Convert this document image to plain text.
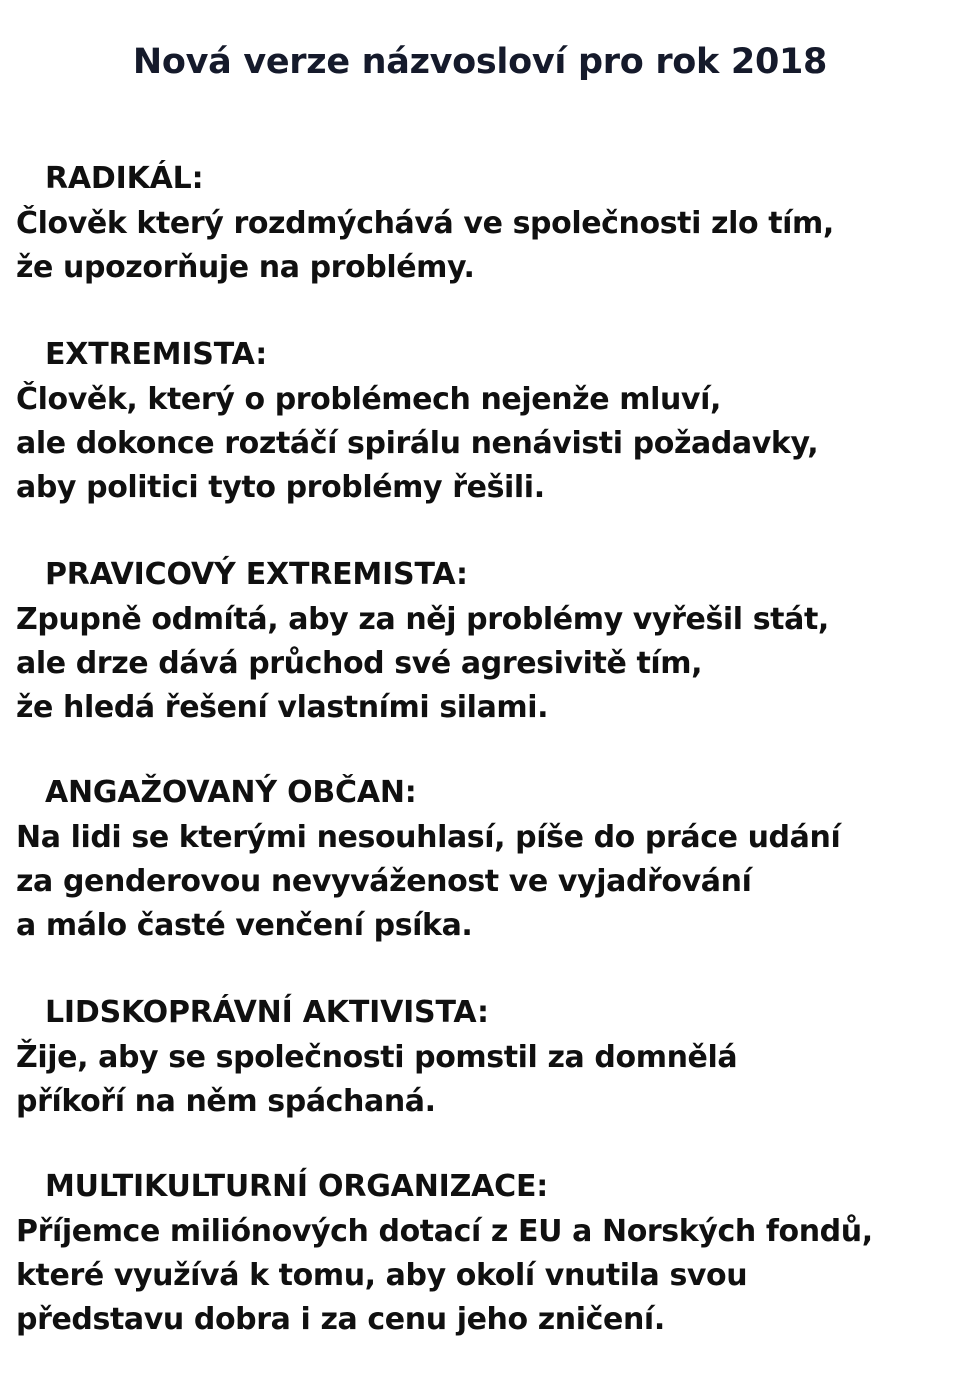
Nová verze názvosloví pro rok 2018

RADIKÁL:

Člověk který rozdmýchává ve společnosti zlo tím,
že upozorňuje na problémy.

EXTREMISTA:

Člověk, který o problémech nejenže mluví,
ale dokonce roztáčí spirálu nenávisti požadavky,
aby politici tyto problémy řešili.

PRAVICOVÝ EXTREMISTA:

Zpupně odmítá, aby za něj problémy vyřešil stát,
ale drze dává průchod své agresivitě tím,
že hledá řešení vlastními silami.

ANGAŽOVANÝ OBČAN:

Na lidi se kterými nesouhlasí, píše do práce udání
za genderovou nevyváženost ve vyjadřování
a málo časté venčení psíka.

LIDSKOPRÁVNÍ AKTIVISTA:

Žije, aby se společnosti pomstil za domnělá
příkoří na něm spáchaná.

MULTIKULTURNÍ ORGANIZACE:

Příjemce miliónových dotací z EU a Norských fondů,
které využívá k tomu, aby okolí vnutila svou
představu dobra i za cenu jeho zničení.
